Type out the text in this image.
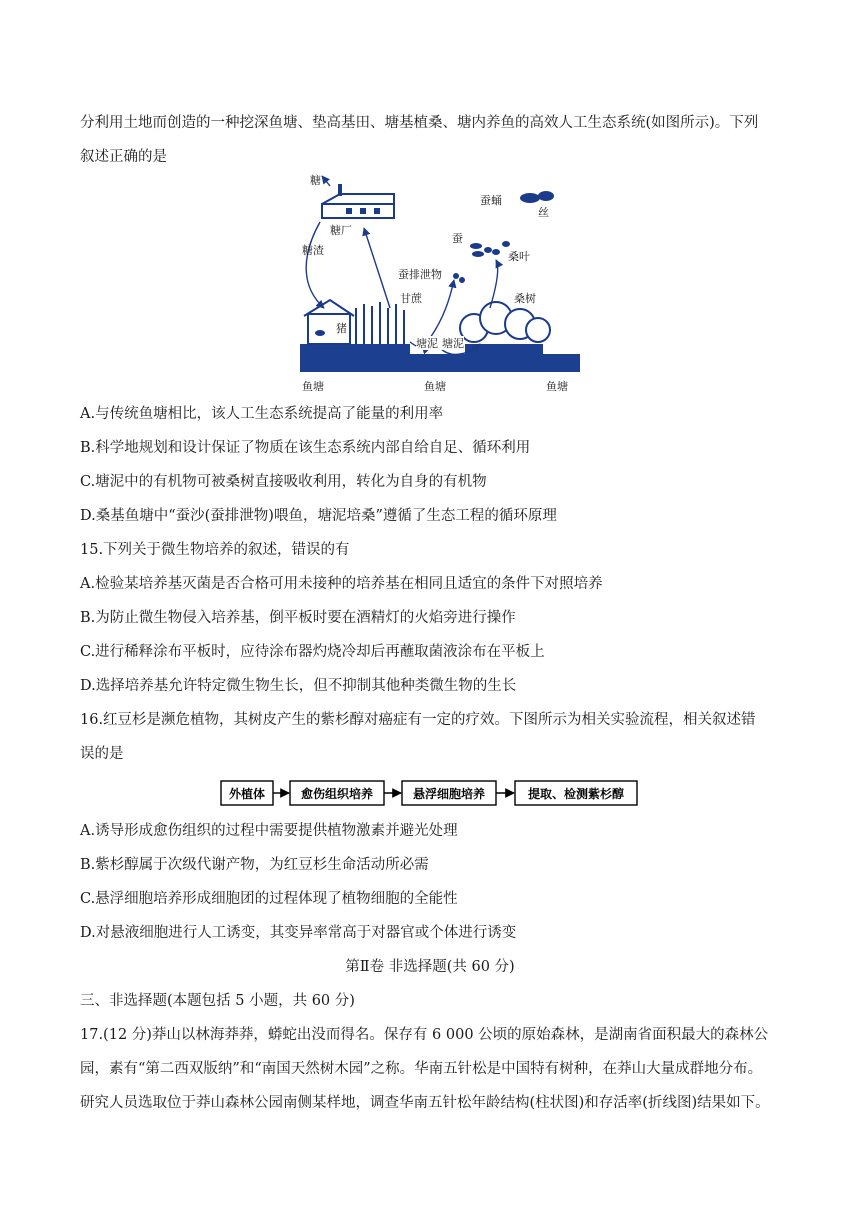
分利用土地而创造的一种挖深鱼塘、垫高基田、塘基植桑、塘内养鱼的高效人工生态系统(如图所示)。下列
叙述正确的是
糖
糖厂
糖渣
甘蔗
猪
塘泥 塘泥
蚕蛹
丝
蚕
桑叶
蚕排泄物
桑树
鱼塘	鱼塘	鱼塘
A.与传统鱼塘相比，该人工生态系统提高了能量的利用率
B.科学地规划和设计保证了物质在该生态系统内部自给自足、循环利用
C.塘泥中的有机物可被桑树直接吸收利用，转化为自身的有机物
D.桑基鱼塘中“蚕沙(蚕排泄物)喂鱼，塘泥培桑”遵循了生态工程的循环原理
15.下列关于微生物培养的叙述，错误的有
A.检验某培养基灭菌是否合格可用未接种的培养基在相同且适宜的条件下对照培养
B.为防止微生物侵入培养基，倒平板时要在酒精灯的火焰旁进行操作
C.进行稀释涂布平板时，应待涂布器灼烧冷却后再蘸取菌液涂布在平板上
D.选择培养基允许特定微生物生长，但不抑制其他种类微生物的生长
16.红豆杉是濒危植物，其树皮产生的紫杉醇对癌症有一定的疗效。下图所示为相关实验流程，相关叙述错
误的是
外植体	愈伤组织培养	悬浮细胞培养	提取、检测紫杉醇
A.诱导形成愈伤组织的过程中需要提供植物激素并避光处理
B.紫杉醇属于次级代谢产物，为红豆杉生命活动所必需
C.悬浮细胞培养形成细胞团的过程体现了植物细胞的全能性
D.对悬液细胞进行人工诱变，其变异率常高于对器官或个体进行诱变
第Ⅱ卷 非选择题(共 60 分)
三、非选择题(本题包括 5 小题，共 60 分)
17.(12 分)莽山以林海莽莽，蟒蛇出没而得名。保存有 6 000 公顷的原始森林，是湖南省面积最大的森林公
园，素有“第二西双版纳”和“南国天然树木园”之称。华南五针松是中国特有树种，在莽山大量成群地分布。
研究人员选取位于莽山森林公园南侧某样地，调查华南五针松年龄结构(柱状图)和存活率(折线图)结果如下。
